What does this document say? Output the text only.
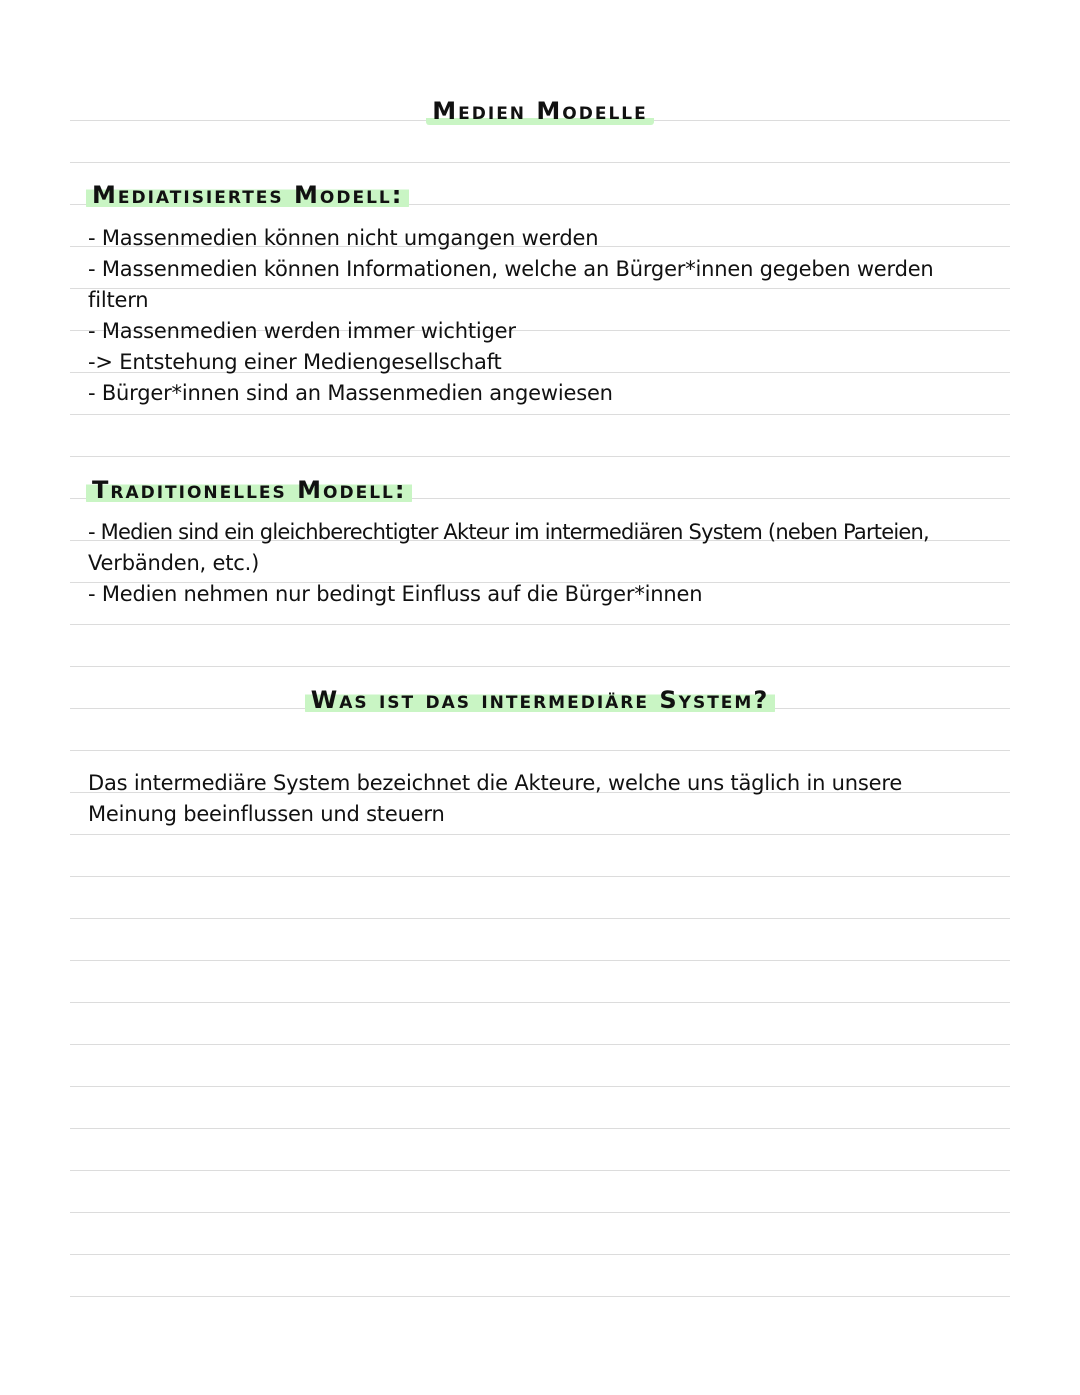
Medien Modelle
Mediatisiertes Modell:
- Massenmedien können nicht umgangen werden
- Massenmedien können Informationen, welche an Bürger*innen gegeben werden
filtern
- Massenmedien werden immer wichtiger
-> Entstehung einer Mediengesellschaft
- Bürger*innen sind an Massenmedien angewiesen
Traditionelles Modell:
- Medien sind ein gleichberechtigter Akteur im intermediären System (neben Parteien,
Verbänden, etc.)
- Medien nehmen nur bedingt Einfluss auf die Bürger*innen
Was ist das intermediäre System?
Das intermediäre System bezeichnet die Akteure, welche uns täglich in unsere
Meinung beeinflussen und steuern
